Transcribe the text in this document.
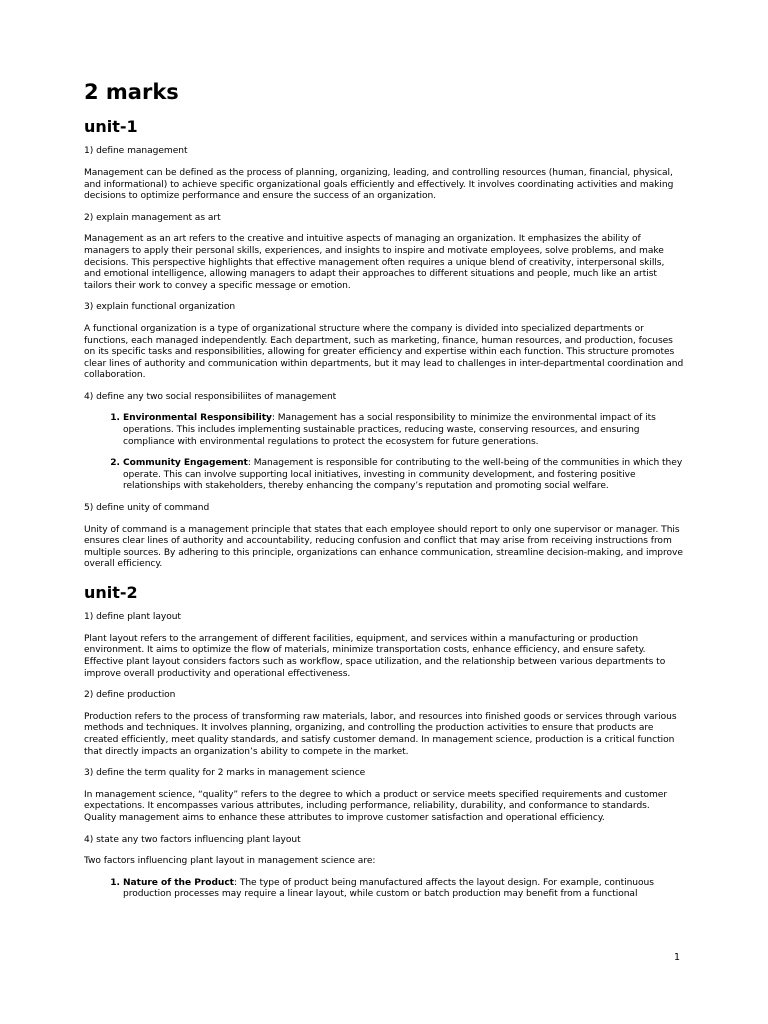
2 marks
unit-1

1) define management

Management can be defined as the process of planning, organizing, leading, and controlling resources (human, financial, physical, and informational) to achieve specific organizational goals efficiently and effectively. It involves coordinating activities and making decisions to optimize performance and ensure the success of an organization.

2) explain management as art

Management as an art refers to the creative and intuitive aspects of managing an organization. It emphasizes the ability of managers to apply their personal skills, experiences, and insights to inspire and motivate employees, solve problems, and make decisions. This perspective highlights that effective management often requires a unique blend of creativity, interpersonal skills, and emotional intelligence, allowing managers to adapt their approaches to different situations and people, much like an artist tailors their work to convey a specific message or emotion.

3) explain functional organization

A functional organization is a type of organizational structure where the company is divided into specialized departments or functions, each managed independently. Each department, such as marketing, finance, human resources, and production, focuses on its specific tasks and responsibilities, allowing for greater efficiency and expertise within each function. This structure promotes clear lines of authority and communication within departments, but it may lead to challenges in inter-departmental coordination and collaboration.

4) define any two social responsibiliites of management

1. Environmental Responsibility: Management has a social responsibility to minimize the environmental impact of its operations. This includes implementing sustainable practices, reducing waste, conserving resources, and ensuring compliance with environmental regulations to protect the ecosystem for future generations.
2. Community Engagement: Management is responsible for contributing to the well-being of the communities in which they operate. This can involve supporting local initiatives, investing in community development, and fostering positive relationships with stakeholders, thereby enhancing the company’s reputation and promoting social welfare.

5) define unity of command

Unity of command is a management principle that states that each employee should report to only one supervisor or manager. This ensures clear lines of authority and accountability, reducing confusion and conflict that may arise from receiving instructions from multiple sources. By adhering to this principle, organizations can enhance communication, streamline decision-making, and improve overall efficiency.

unit-2

1) define plant layout

Plant layout refers to the arrangement of different facilities, equipment, and services within a manufacturing or production environment. It aims to optimize the flow of materials, minimize transportation costs, enhance efficiency, and ensure safety. Effective plant layout considers factors such as workflow, space utilization, and the relationship between various departments to improve overall productivity and operational effectiveness.

2) define production

Production refers to the process of transforming raw materials, labor, and resources into finished goods or services through various methods and techniques. It involves planning, organizing, and controlling the production activities to ensure that products are created efficiently, meet quality standards, and satisfy customer demand. In management science, production is a critical function that directly impacts an organization’s ability to compete in the market.

3) define the term quality for 2 marks in management science

In management science, “quality” refers to the degree to which a product or service meets specified requirements and customer expectations. It encompasses various attributes, including performance, reliability, durability, and conformance to standards. Quality management aims to enhance these attributes to improve customer satisfaction and operational efficiency.

4) state any two factors influencing plant layout

Two factors influencing plant layout in management science are:

1. Nature of the Product: The type of product being manufactured affects the layout design. For example, continuous production processes may require a linear layout, while custom or batch production may benefit from a functional
1
